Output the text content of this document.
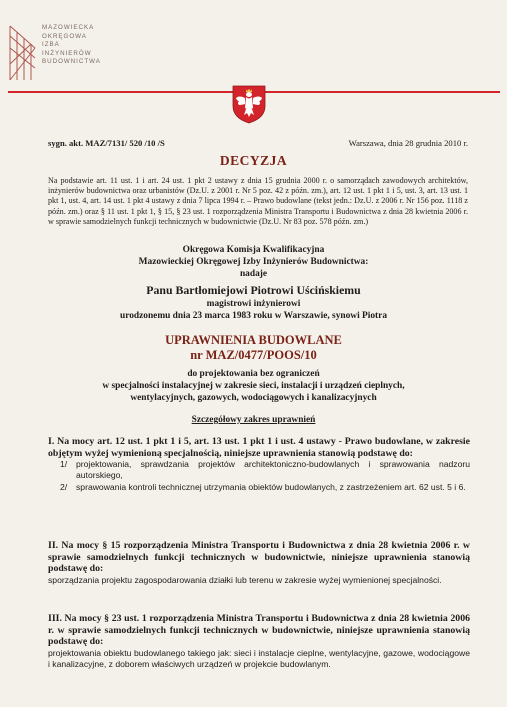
MAZOWIECKA
OKRĘGOWA
IZBA
INŻYNIERÓW
BUDOWNICTWA
sygn. akt. MAZ/7131/ 520 /10 /S	Warszawa, dnia 28 grudnia 2010 r.
DECYZJA
Na podstawie art. 11 ust. 1 i art. 24 ust. 1 pkt 2 ustawy z dnia 15 grudnia 2000 r. o samorządach zawodowych architektów, inżynierów budownictwa oraz urbanistów (Dz.U. z 2001 r. Nr 5 poz. 42 z późn. zm.), art. 12 ust. 1 pkt 1 i 5, ust. 3, art. 13 ust. 1 pkt 1, ust. 4, art. 14 ust. 1 pkt 4 ustawy z dnia 7 lipca 1994 r. – Prawo budowlane (tekst jedn.: Dz.U. z 2006 r. Nr 156 poz. 1118 z późn. zm.) oraz § 11 ust. 1 pkt 1, § 15, § 23 ust. 1 rozporządzenia Ministra Transportu i Budownictwa z dnia 28 kwietnia 2006 r. w sprawie samodzielnych funkcji technicznych w budownictwie (Dz.U. Nr 83 poz. 578 późn. zm.)
Okręgowa Komisja Kwalifikacyjna
Mazowieckiej Okręgowej Izby Inżynierów Budownictwa:
nadaje
Panu Bartłomiejowi Piotrowi Uścińskiemu
magistrowi inżynierowi
urodzonemu dnia 23 marca 1983 roku w Warszawie, synowi Piotra
UPRAWNIENIA BUDOWLANE
nr MAZ/0477/POOS/10
do projektowania bez ograniczeń
w specjalności instalacyjnej w zakresie sieci, instalacji i urządzeń cieplnych,
wentylacyjnych, gazowych, wodociągowych i kanalizacyjnych
Szczegółowy zakres uprawnień
I. Na mocy art. 12 ust. 1 pkt 1 i 5, art. 13 ust. 1 pkt 1 i ust. 4 ustawy - Prawo budowlane, w zakresie objętym wyżej wymienioną specjalnością, niniejsze uprawnienia stanowią podstawę do:
1/	projektowania, sprawdzania projektów architektoniczno-budowlanych i sprawowania nadzoru autorskiego,
2/	sprawowania kontroli technicznej utrzymania obiektów budowlanych, z zastrzeżeniem art. 62 ust. 5 i 6.
II. Na mocy § 15 rozporządzenia Ministra Transportu i Budownictwa z dnia 28 kwietnia 2006 r. w sprawie samodzielnych funkcji technicznych w budownictwie, niniejsze uprawnienia stanowią podstawę do:
sporządzania projektu zagospodarowania działki lub terenu w zakresie wyżej wymienionej specjalności.
III. Na mocy § 23 ust. 1 rozporządzenia Ministra Transportu i Budownictwa z dnia 28 kwietnia 2006 r. w sprawie samodzielnych funkcji technicznych w budownictwie, niniejsze uprawnienia stanowią podstawę do:
projektowania obiektu budowlanego takiego jak: sieci i instalacje cieplne, wentylacyjne, gazowe, wodociągowe i kanalizacyjne, z doborem właściwych urządzeń w projekcie budowlanym.
